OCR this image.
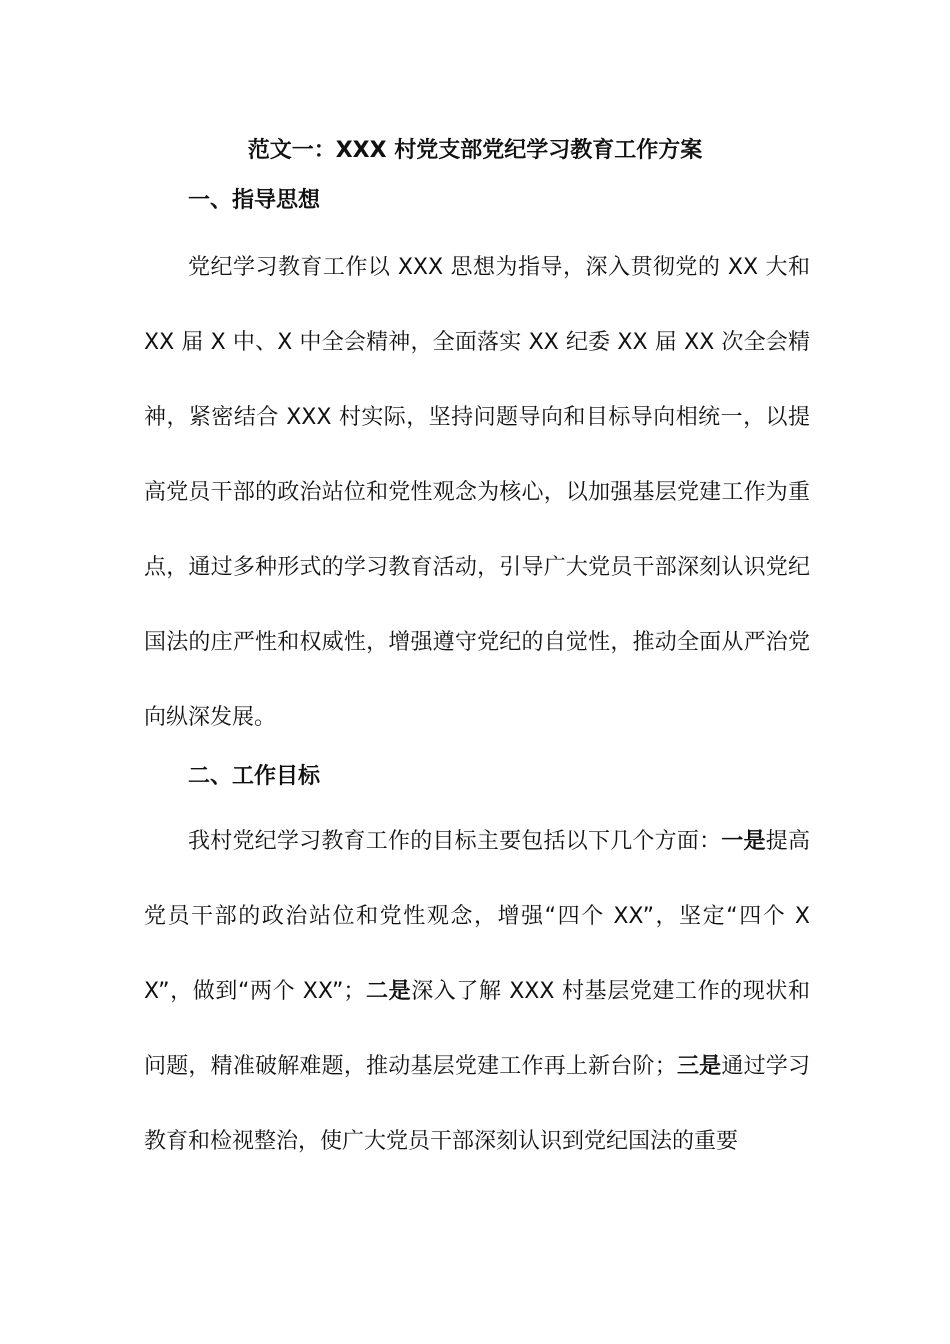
范文一：XXX 村党支部党纪学习教育工作方案
一、指导思想

党纪学习教育工作以 XXX 思想为指导，深入贯彻党的 XX 大和 XX 届 X 中、X 中全会精神，全面落实 XX 纪委 XX 届 XX 次全会精神，紧密结合 XXX 村实际，坚持问题导向和目标导向相统一，以提高党员干部的政治站位和党性观念为核心，以加强基层党建工作为重点，通过多种形式的学习教育活动，引导广大党员干部深刻认识党纪国法的庄严性和权威性，增强遵守党纪的自觉性，推动全面从严治党向纵深发展。

二、工作目标

我村党纪学习教育工作的目标主要包括以下几个方面：一是提高党员干部的政治站位和党性观念，增强“四个 XX”，坚定“四个 XX”，做到“两个 XX”；二是深入了解 XXX 村基层党建工作的现状和问题，精准破解难题，推动基层党建工作再上新台阶；三是通过学习教育和检视整治，使广大党员干部深刻认识到党纪国法的重要
